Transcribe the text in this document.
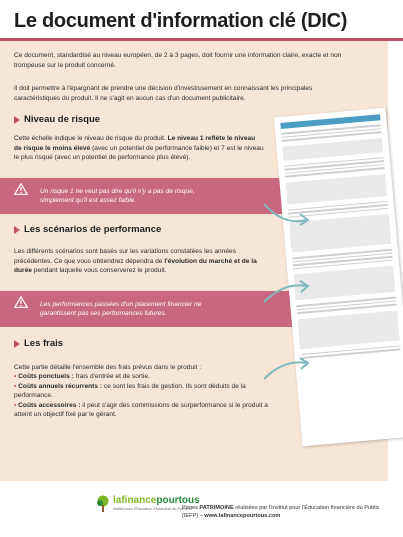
Le document d'information clé (DIC)

Ce document, standardisé au niveau européen, de 2 à 3 pages, doit fournir une information claire, exacte et non trompeuse sur le produit concerné.

Il doit permettre à l'épargnant de prendre une décision d'investissement en connaissant les principales caractéristiques du produit. Il ne s'agit en aucun cas d'un document publicitaire.

Niveau de risque

Cette échelle indique le niveau de risque du produit. Le niveau 1 reflète le niveau de risque le moins élevé (avec un potentiel de performance faible) et 7 est le niveau le plus risqué (avec un potentiel de performance plus élevé).

Un risque 1 ne veut pas dire qu'il n'y a pas de risque, simplement qu'il est assez faible.

Les scénarios de performance

Les différents scénarios sont basés sur les variations constatées les années précédentes. Ce que vous obtiendrez dépendra de l'évolution du marché et de la durée pendant laquelle vous conserverez le produit.

Les performances passées d'un placement financier ne garantissent pas ses performances futures.

Les frais

Cette partie détaille l'ensemble des frais prévus dans le produit :

• Coûts ponctuels : frais d'entrée et de sortie.
• Coûts annuels récurrents : ce sont les frais de gestion. Ils sont déduits de la performance.
• Coûts accessoires : il peut s'agir des commissions de surperformance si le produit a atteint un objectif fixé par le gérant.

lafinancepourtous

Institut pour l'Éducation Financière du Public

Pages PATRIMOINE réalisées par l'Institut pour l'Éducation financière du Public (IEFP) – www.lafinancepourtous.com
